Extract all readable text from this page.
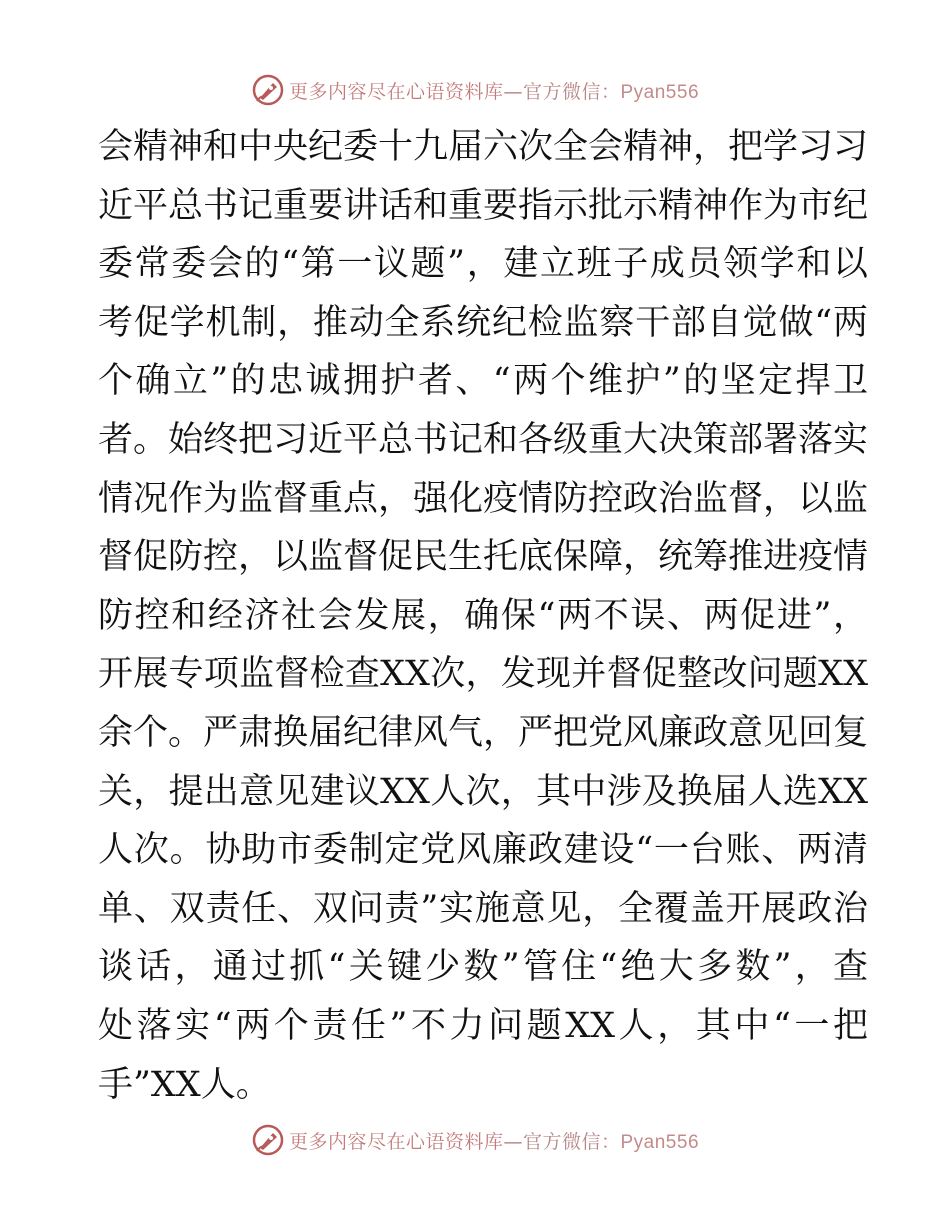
更多内容尽在心语资料库—官方微信：Pyan556
会精神和中央纪委十九届六次全会精神，把学习习
近平总书记重要讲话和重要指示批示精神作为市纪
委常委会的“第一议题”，建立班子成员领学和以
考促学机制，推动全系统纪检监察干部自觉做“两
个确立”的忠诚拥护者、“两个维护”的坚定捍卫
者。始终把习近平总书记和各级重大决策部署落实
情况作为监督重点，强化疫情防控政治监督，以监
督促防控，以监督促民生托底保障，统筹推进疫情
防控和经济社会发展，确保“两不误、两促进”，
开展专项监督检查XX次，发现并督促整改问题XX
余个。严肃换届纪律风气，严把党风廉政意见回复
关，提出意见建议XX人次，其中涉及换届人选XX
人次。协助市委制定党风廉政建设“一台账、两清
单、双责任、双问责”实施意见，全覆盖开展政治
谈话，通过抓“关键少数”管住“绝大多数”，查
处落实“两个责任”不力问题XX人，其中“一把
手”XX人。
更多内容尽在心语资料库—官方微信：Pyan556
